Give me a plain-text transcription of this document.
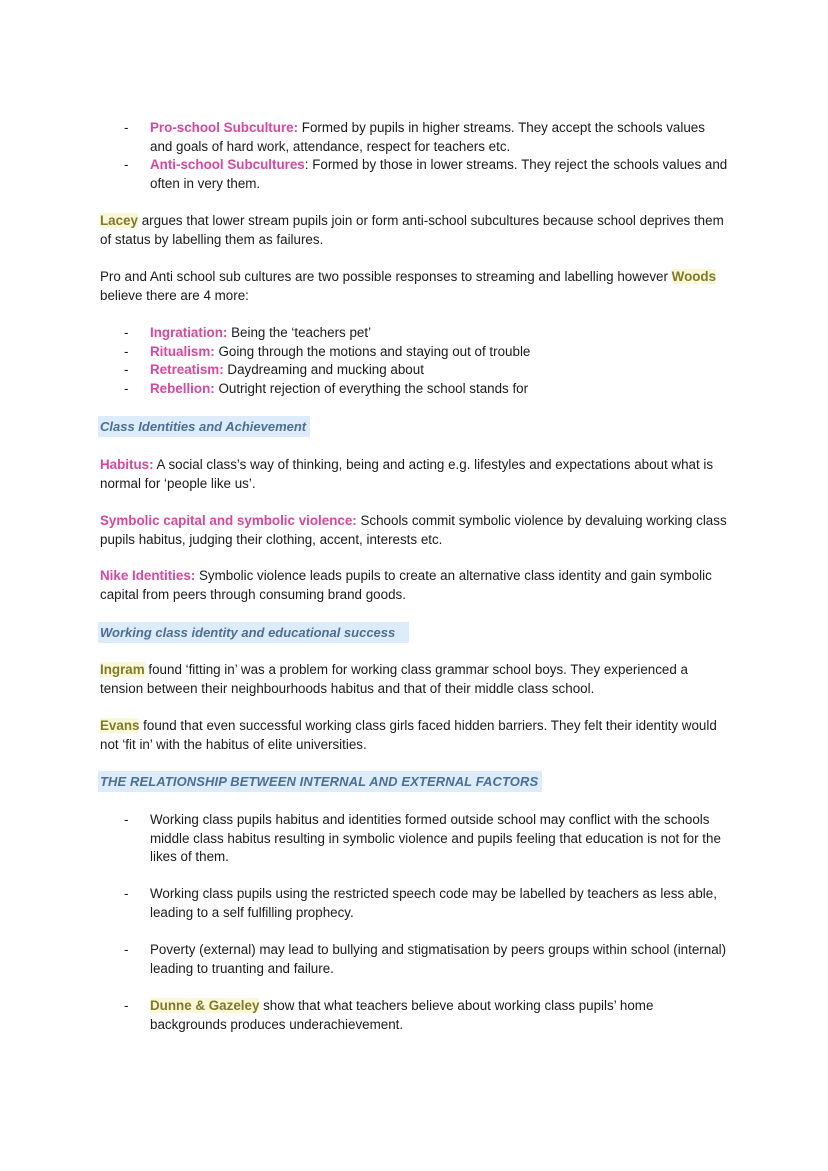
- Pro-school Subculture: Formed by pupils in higher streams. They accept the schools values and goals of hard work, attendance, respect for teachers etc.
- Anti-school Subcultures: Formed by those in lower streams. They reject the schools values and often in very them.

Lacey argues that lower stream pupils join or form anti-school subcultures because school deprives them of status by labelling them as failures.

Pro and Anti school sub cultures are two possible responses to streaming and labelling however Woods believe there are 4 more:

- Ingratiation: Being the ‘teachers pet’
- Ritualism: Going through the motions and staying out of trouble
- Retreatism: Daydreaming and mucking about
- Rebellion: Outright rejection of everything the school stands for
Class Identities and Achievement

Habitus: A social class’s way of thinking, being and acting e.g. lifestyles and expectations about what is normal for ‘people like us’.

Symbolic capital and symbolic violence: Schools commit symbolic violence by devaluing working class pupils habitus, judging their clothing, accent, interests etc.

Nike Identities: Symbolic violence leads pupils to create an alternative class identity and gain symbolic capital from peers through consuming brand goods.

Working class identity and educational success

Ingram found ‘fitting in’ was a problem for working class grammar school boys. They experienced a tension between their neighbourhoods habitus and that of their middle class school.

Evans found that even successful working class girls faced hidden barriers. They felt their identity would not ‘fit in’ with the habitus of elite universities.

THE RELATIONSHIP BETWEEN INTERNAL AND EXTERNAL FACTORS
- Working class pupils habitus and identities formed outside school may conflict with the schools middle class habitus resulting in symbolic violence and pupils feeling that education is not for the likes of them.
- Working class pupils using the restricted speech code may be labelled by teachers as less able, leading to a self fulfilling prophecy.
- Poverty (external) may lead to bullying and stigmatisation by peers groups within school (internal) leading to truanting and failure.
- Dunne & Gazeley show that what teachers believe about working class pupils’ home backgrounds produces underachievement.
